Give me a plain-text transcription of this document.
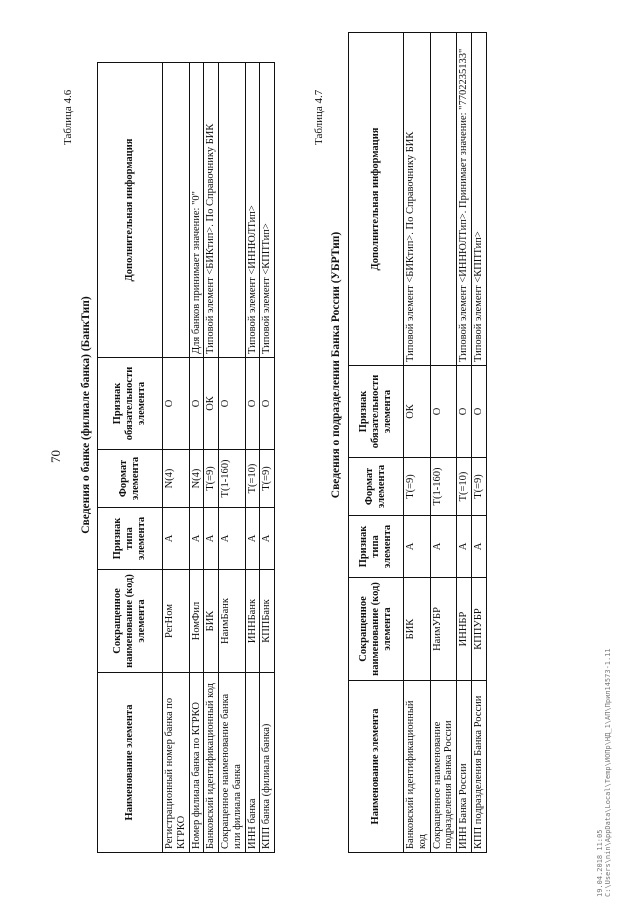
70
Таблица 4.6
Сведения о банке (филиале банка) (БанкТип)
Наименование элемента	Сокращенное наименование (код) элемента	Признак типа элемента	Формат элемента	Признак обязательности элемента	Дополнительная информация
Регистрационный номер банка по КГРКО	РегНом	А	N(4)	О	
Номер филиала банка по КГРКО	НомФил	А	N(4)	О	Для банков принимает значение: "0"
Банковский идентификационный код	БИК	А	T(=9)	ОК	Типовой элемент <БИКтип>. По Справочнику БИК
Сокращенное наименование банка или филиала банка	НаимБанк	А	T(1-160)	О	
ИНН банка	ИННБанк	А	T(=10)	О	Типовой элемент <ИННЮЛТип>
КПП банка (филиала банка)	КППБанк	А	T(=9)	О	Типовой элемент <КППТип>
Таблица 4.7
Сведения о подразделении Банка России (УБРТип)
Наименование элемента	Сокращенное наименование (код) элемента	Признак типа элемента	Формат элемента	Признак обязательности элемента	Дополнительная информация
Банковский идентификационный код	БИК	А	T(=9)	ОК	Типовой элемент <БИКтип>. По Справочнику БИК
Сокращенное наименование подразделения Банка России	НаимУБР	А	T(1-160)	О	
ИНН Банка России	ИННБР	А	T(=10)	О	Типовой элемент <ИННЮЛТип>. Принимает значение: "7702235133"
КПП подразделения Банка России	КППУБР	А	T(=9)	О	Типовой элемент <КППТип>
19.04.2018 11:05 С:\Users\nin\AppData\Local\Temp\ИОПр\НД_1\АП\Прил14573-1.11
